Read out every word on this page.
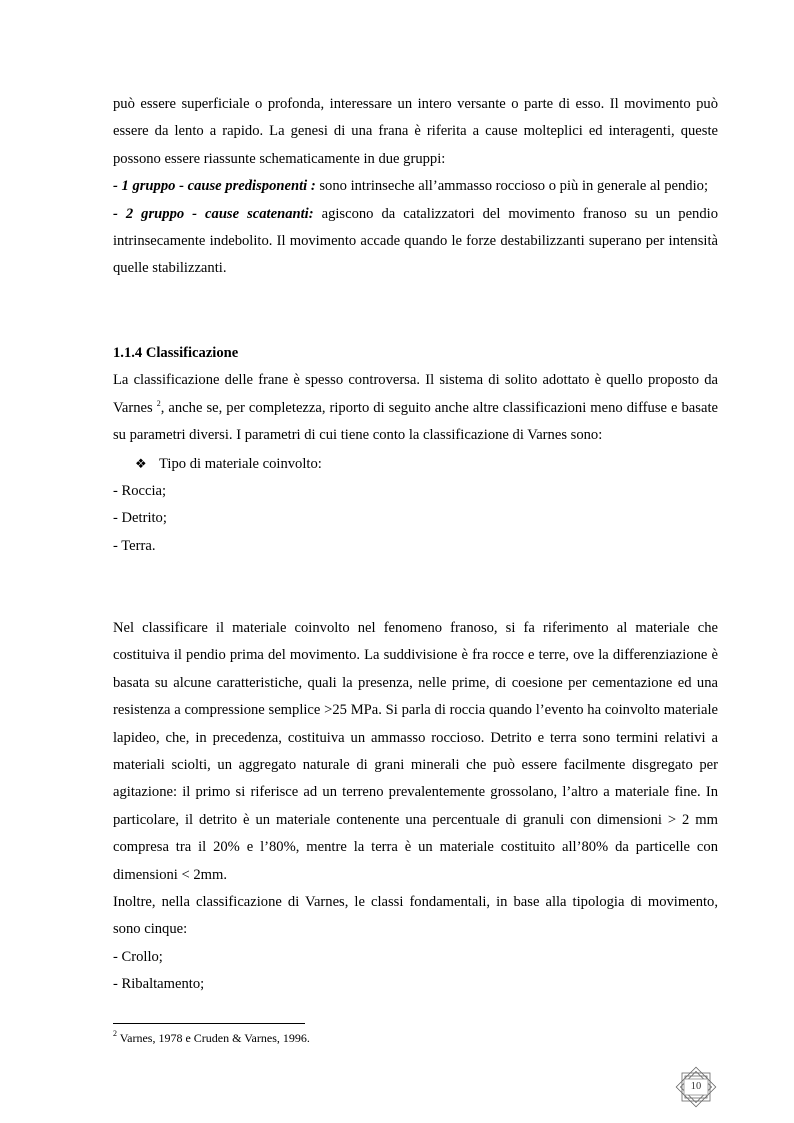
può essere superficiale o profonda, interessare un intero versante o parte di esso. Il movimento può essere da lento a rapido. La genesi di una frana è riferita a cause molteplici ed interagenti, queste possono essere riassunte schematicamente in due gruppi:

- 1 gruppo - cause predisponenti : sono intrinseche all’ammasso roccioso o più in generale al pendio;

- 2 gruppo - cause scatenanti: agiscono da catalizzatori del movimento franoso su un pendio intrinsecamente indebolito. Il movimento accade quando le forze destabilizzanti superano per intensità quelle stabilizzanti.

1.1.4 Classificazione

La classificazione delle frane è spesso controversa. Il sistema di solito adottato è quello proposto da Varnes $^2$, anche se, per completezza, riporto di seguito anche altre classificazioni meno diffuse e basate su parametri diversi. I parametri di cui tiene conto la classificazione di Varnes sono:

❖ Tipo di materiale coinvolto:

- Roccia;

- Detrito;

- Terra.

Nel classificare il materiale coinvolto nel fenomeno franoso, si fa riferimento al materiale che costituiva il pendio prima del movimento. La suddivisione è fra rocce e terre, ove la differenziazione è basata su alcune caratteristiche, quali la presenza, nelle prime, di coesione per cementazione ed una resistenza a compressione semplice >25 MPa. Si parla di roccia quando l’evento ha coinvolto materiale lapideo, che, in precedenza, costituiva un ammasso roccioso. Detrito e terra sono termini relativi a materiali sciolti, un aggregato naturale di grani minerali che può essere facilmente disgregato per agitazione: il primo si riferisce ad un terreno prevalentemente grossolano, l’altro a materiale fine. In particolare, il detrito è un materiale contenente una percentuale di granuli con dimensioni > 2 mm compresa tra il 20% e l’80%, mentre la terra è un materiale costituito all’80% da particelle con dimensioni < 2mm.

Inoltre, nella classificazione di Varnes, le classi fondamentali, in base alla tipologia di movimento, sono cinque:

- Crollo;

- Ribaltamento;

$^2$ Varnes, 1978 e Cruden & Varnes, 1996.
10
